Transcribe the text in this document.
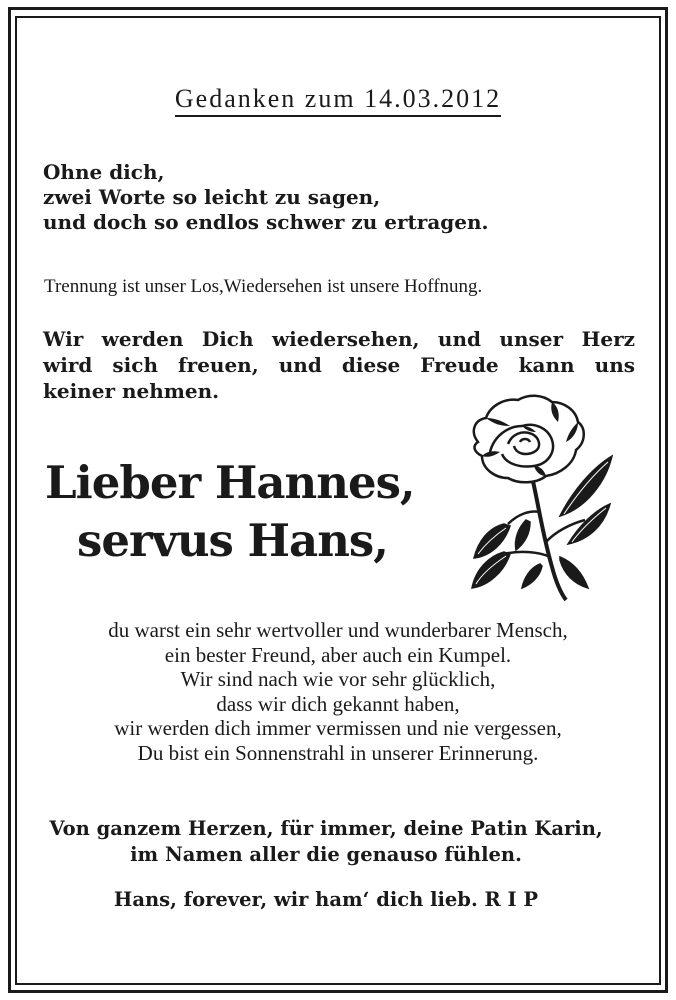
Gedanken zum 14.03.2012
Ohne dich,
zwei Worte so leicht zu sagen,
und doch so endlos schwer zu ertragen.
Trennung ist unser Los,Wiedersehen ist unsere Hoffnung.
Wir werden Dich wiedersehen, und unser Herz
wird sich freuen, und diese Freude kann uns
keiner nehmen.
Lieber Hannes,
servus Hans,
du warst ein sehr wertvoller und wunderbarer Mensch,
ein bester Freund, aber auch ein Kumpel.
Wir sind nach wie vor sehr glücklich,
dass wir dich gekannt haben,
wir werden dich immer vermissen und nie vergessen,
Du bist ein Sonnenstrahl in unserer Erinnerung.
Von ganzem Herzen, für immer, deine Patin Karin,
im Namen aller die genauso fühlen.
Hans, forever, wir ham‘ dich lieb. R I P
